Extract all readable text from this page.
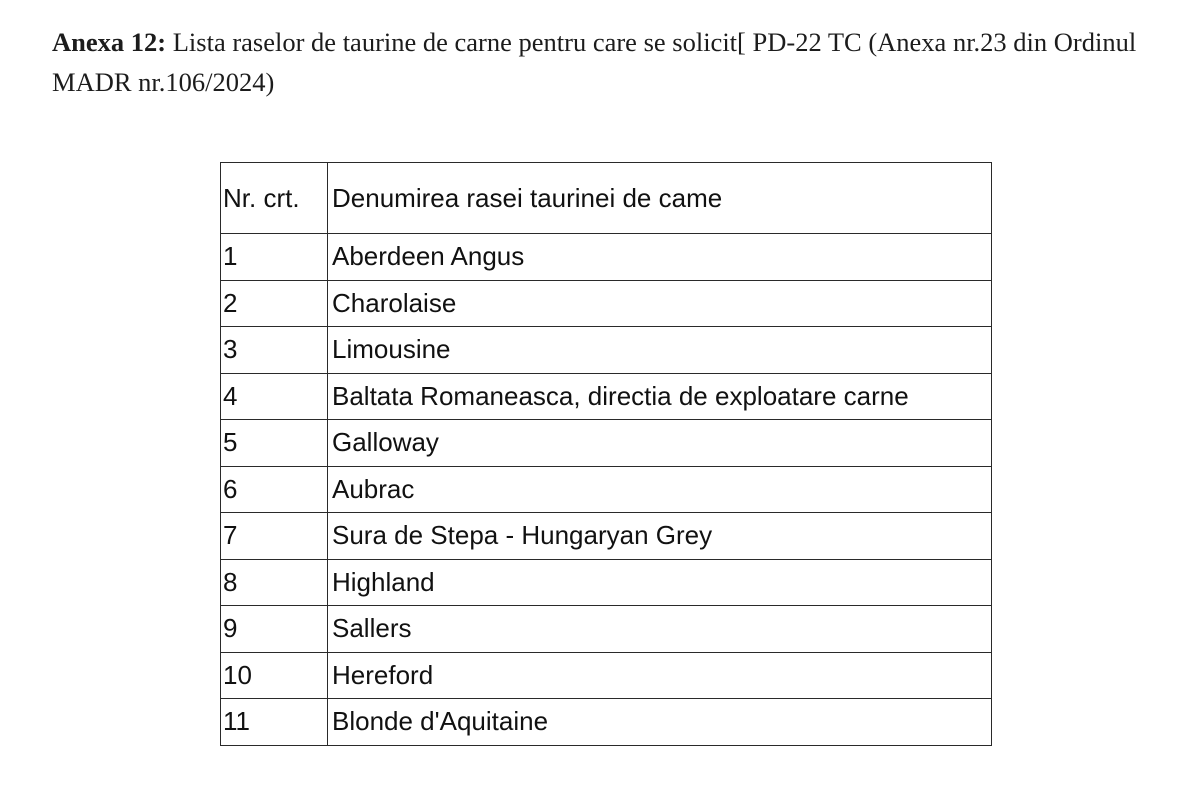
Anexa 12: Lista raselor de taurine de carne pentru care se solicit[ PD-22 TC (Anexa nr.23 din Ordinul MADR nr.106/2024)
Nr. crt.	Denumirea rasei taurinei de came
1	Aberdeen Angus
2	Charolaise
3	Limousine
4	Baltata Romaneasca, directia de exploatare carne
5	Galloway
6	Aubrac
7	Sura de Stepa - Hungaryan Grey
8	Highland
9	Sallers
10	Hereford
11	Blonde d'Aquitaine
